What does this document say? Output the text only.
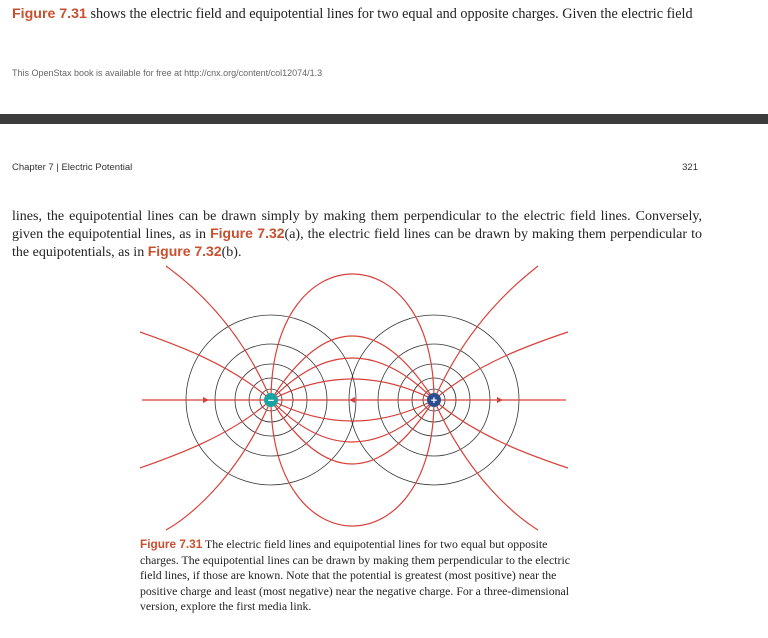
Figure 7.31 shows the electric field and equipotential lines for two equal and opposite charges. Given the electric field

This OpenStax book is available for free at http://cnx.org/content/col12074/1.3
Chapter 7 | Electric Potential	321

lines, the equipotential lines can be drawn simply by making them perpendicular to the electric field lines. Conversely, given the equipotential lines, as in Figure 7.32(a), the electric field lines can be drawn by making them perpendicular to the equipotentials, as in Figure 7.32(b).

−	+

Figure 7.31 The electric field lines and equipotential lines for two equal but opposite charges. The equipotential lines can be drawn by making them perpendicular to the electric field lines, if those are known. Note that the potential is greatest (most positive) near the positive charge and least (most negative) near the negative charge. For a three-dimensional version, explore the first media link.
